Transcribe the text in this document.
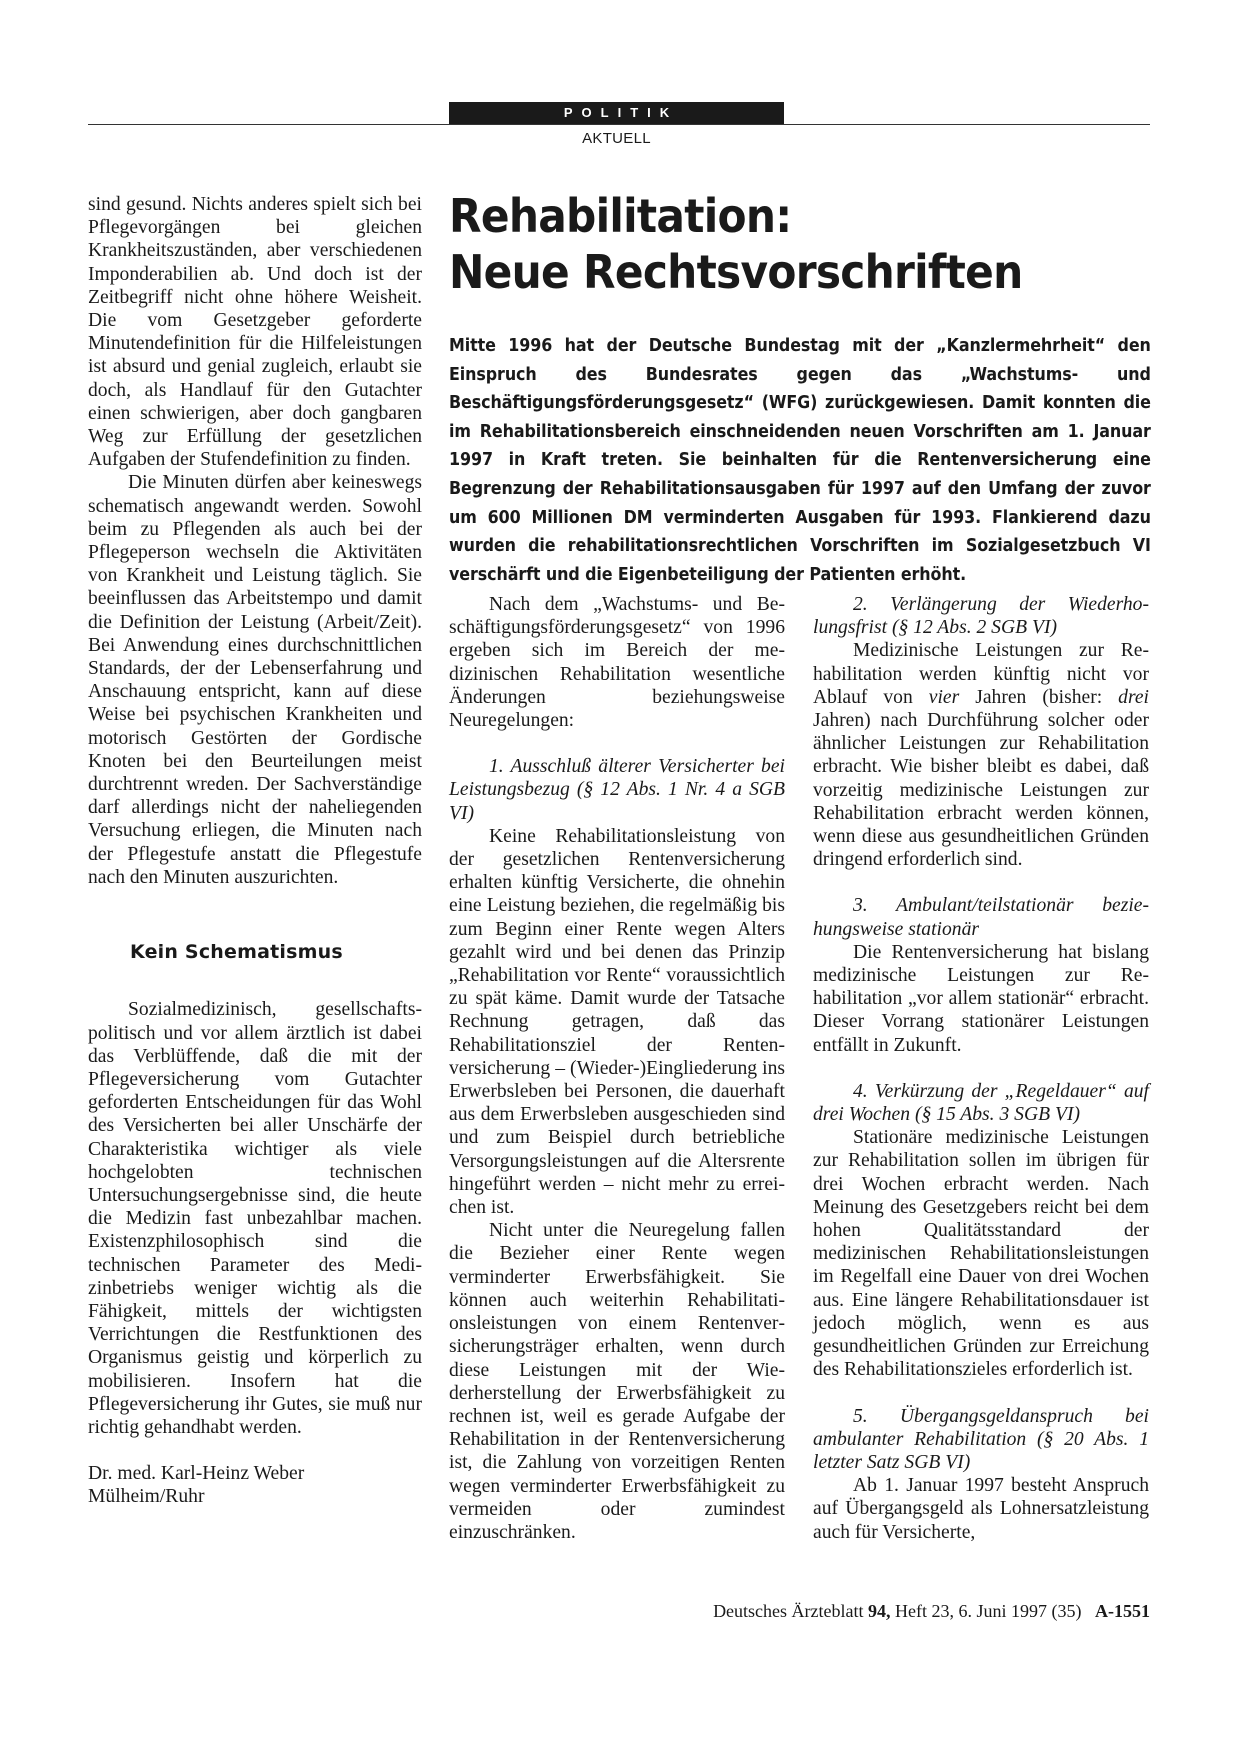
POLITIK
AKTUELL

sind gesund. Nichts anderes spielt sich bei Pflegevorgängen bei gleichen Krankheitszuständen, aber verschiedenen Imponderabilien ab. Und doch ist der Zeitbegriff nicht ohne höhere Weisheit. Die vom Gesetzgeber geforderte Minutendefinition für die Hilfeleistungen ist absurd und genial zugleich, erlaubt sie doch, als Handlauf für den Gutachter einen schwierigen, aber doch gangbaren Weg zur Erfüllung der gesetzlichen Aufgaben der Stufendefinition zu finden.

Die Minuten dürfen aber keineswegs schematisch angewandt werden. Sowohl beim zu Pflegenden als auch bei der Pflegeperson wechseln die Aktivitäten von Krankheit und Leistung täglich. Sie beeinflussen das Arbeitstempo und damit die Definition der Leistung (Arbeit/Zeit). Bei Anwendung eines durchschnittlichen Standards, der der Lebenserfahrung und Anschauung entspricht, kann auf diese Weise bei psychischen Krankheiten und motorisch Gestörten der Gordische Knoten bei den Beurteilungen meist durchtrennt wreden. Der Sachverständige darf allerdings nicht der naheliegenden Versuchung erliegen, die Minuten nach der Pflegestufe anstatt die Pflegestufe nach den Minuten auszurichten.

Kein Schematismus

Sozialmedizinisch, gesellschaftspolitisch und vor allem ärztlich ist dabei das Verblüffende, daß die mit der Pflegeversicherung vom Gutachter geforderten Entscheidungen für das Wohl des Versicherten bei aller Unschärfe der Charakteristika wichtiger als viele hochgelobten technischen Untersuchungsergebnisse sind, die heute die Medizin fast unbezahlbar machen. Existenzphilosophisch sind die technischen Parameter des Medizinbetriebs weniger wichtig als die Fähigkeit, mittels der wichtigsten Verrichtungen die Restfunktionen des Organismus geistig und körperlich zu mobilisieren. Insofern hat die Pflegeversicherung ihr Gutes, sie muß nur richtig gehandhabt werden.

Dr. med. Karl-Heinz Weber

Mülheim/Ruhr

Rehabilitation:
Neue Rechtsvorschriften
Mitte 1996 hat der Deutsche Bundestag mit der „Kanzlermehrheit“ den Einspruch des Bundesrates gegen das „Wachstums- und Beschäftigungsförderungsgesetz“ (WFG) zurückgewiesen. Damit konnten die im Rehabilitationsbereich einschneidenden neuen Vorschriften am 1. Januar 1997 in Kraft treten. Sie beinhalten für die Rentenversicherung eine Begrenzung der Rehabilitationsausgaben für 1997 auf den Umfang der zuvor um 600 Millionen DM verminderten Ausgaben für 1993. Flankierend dazu wurden die rehabilitationsrechtlichen Vorschriften im Sozialgesetzbuch VI verschärft und die Eigenbeteiligung der Patienten erhöht.

Nach dem „Wachstums- und Beschäftigungsförderungsgesetz“ von 1996 ergeben sich im Bereich der medizinischen Rehabilitation wesentliche Änderungen beziehungsweise Neuregelungen:

1. Ausschluß älterer Versicherter bei Leistungsbezug (§ 12 Abs. 1 Nr. 4 a SGB VI)

Keine Rehabilitationsleistung von der gesetzlichen Rentenversicherung erhalten künftig Versicherte, die ohnehin eine Leistung beziehen, die regelmäßig bis zum Beginn einer Rente wegen Alters gezahlt wird und bei denen das Prinzip „Rehabilitation vor Rente“ voraussichtlich zu spät käme. Damit wurde der Tatsache Rechnung getragen, daß das Rehabilitationsziel der Rentenversicherung – (Wieder-)Eingliederung ins Erwerbsleben bei Personen, die dauerhaft aus dem Erwerbsleben ausgeschieden sind und zum Beispiel durch betriebliche Versorgungsleistungen auf die Altersrente hingeführt werden – nicht mehr zu erreichen ist.

Nicht unter die Neuregelung fallen die Bezieher einer Rente wegen verminderter Erwerbsfähigkeit. Sie können auch weiterhin Rehabilitationsleistungen von einem Rentenversicherungsträger erhalten, wenn durch diese Leistungen mit der Wiederherstellung der Erwerbsfähigkeit zu rechnen ist, weil es gerade Aufgabe der Rehabilitation in der Rentenversicherung ist, die Zahlung von vorzeitigen Renten wegen verminderter Erwerbsfähigkeit zu vermeiden oder zumindest einzuschränken.

2. Verlängerung der Wiederholungsfrist (§ 12 Abs. 2 SGB VI)

Medizinische Leistungen zur Rehabilitation werden künftig nicht vor Ablauf von vier Jahren (bisher: drei Jahren) nach Durchführung solcher oder ähnlicher Leistungen zur Rehabilitation erbracht. Wie bisher bleibt es dabei, daß vorzeitig medizinische Leistungen zur Rehabilitation erbracht werden können, wenn diese aus gesundheitlichen Gründen dringend erforderlich sind.

3. Ambulant/teilstationär beziehungsweise stationär

Die Rentenversicherung hat bislang medizinische Leistungen zur Rehabilitation „vor allem stationär“ erbracht. Dieser Vorrang stationärer Leistungen entfällt in Zukunft.

4. Verkürzung der „Regeldauer“ auf drei Wochen (§ 15 Abs. 3 SGB VI)

Stationäre medizinische Leistungen zur Rehabilitation sollen im übrigen für drei Wochen erbracht werden. Nach Meinung des Gesetzgebers reicht bei dem hohen Qualitätsstandard der medizinischen Rehabilitationsleistungen im Regelfall eine Dauer von drei Wochen aus. Eine längere Rehabilitationsdauer ist jedoch möglich, wenn es aus gesundheitlichen Gründen zur Erreichung des Rehabilitationszieles erforderlich ist.

5. Übergangsgeldanspruch bei ambulanter Rehabilitation (§ 20 Abs. 1 letzter Satz SGB VI)

Ab 1. Januar 1997 besteht Anspruch auf Übergangsgeld als Lohnersatzleistung auch für Versicherte,

Deutsches Ärzteblatt 94, Heft 23, 6. Juni 1997 (35) A-1551
